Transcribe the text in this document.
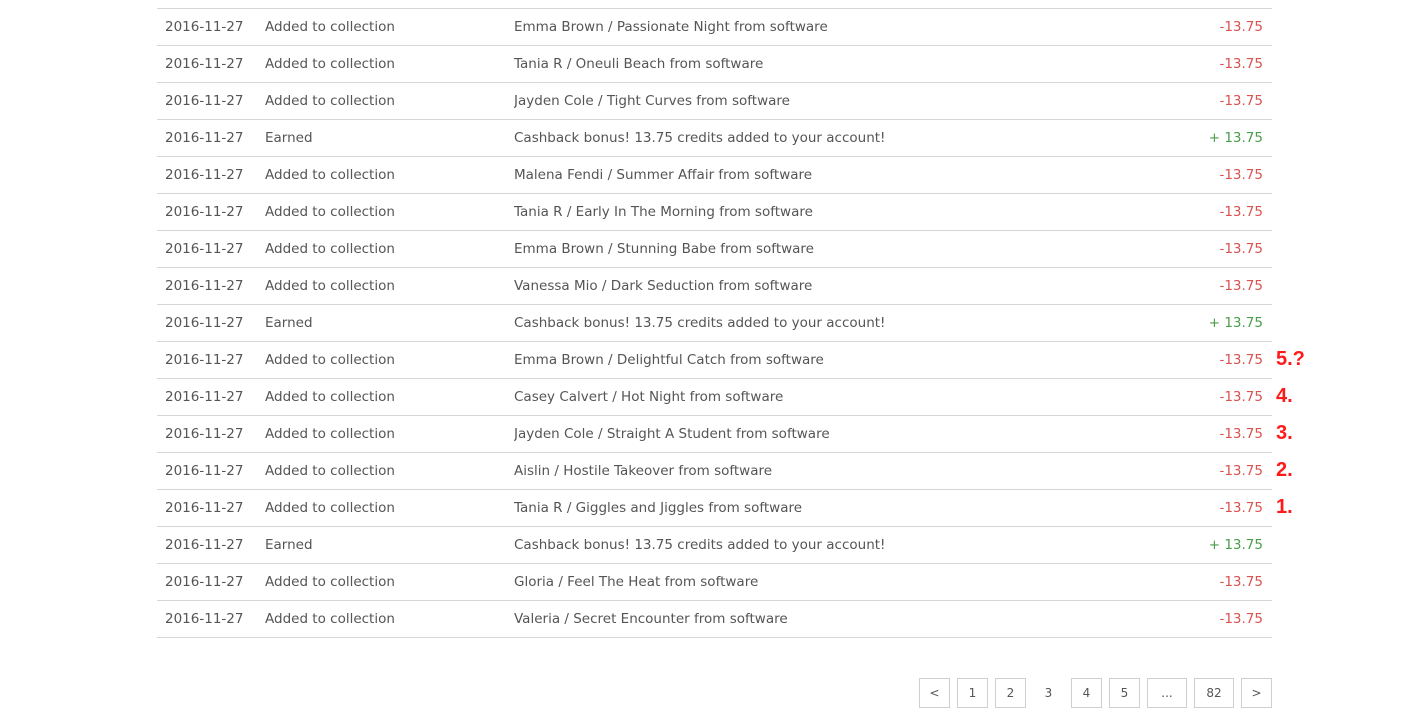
2016-11-27	Added to collection	Emma Brown / Passionate Night from software	-13.75
2016-11-27	Added to collection	Tania R / Oneuli Beach from software	-13.75
2016-11-27	Added to collection	Jayden Cole / Tight Curves from software	-13.75
2016-11-27	Earned	Cashback bonus! 13.75 credits added to your account!	+ 13.75
2016-11-27	Added to collection	Malena Fendi / Summer Affair from software	-13.75
2016-11-27	Added to collection	Tania R / Early In The Morning from software	-13.75
2016-11-27	Added to collection	Emma Brown / Stunning Babe from software	-13.75
2016-11-27	Added to collection	Vanessa Mio / Dark Seduction from software	-13.75
2016-11-27	Earned	Cashback bonus! 13.75 credits added to your account!	+ 13.75
2016-11-27	Added to collection	Emma Brown / Delightful Catch from software	-13.75
2016-11-27	Added to collection	Casey Calvert / Hot Night from software	-13.75
2016-11-27	Added to collection	Jayden Cole / Straight A Student from software	-13.75
2016-11-27	Added to collection	Aislin / Hostile Takeover from software	-13.75
2016-11-27	Added to collection	Tania R / Giggles and Jiggles from software	-13.75
2016-11-27	Earned	Cashback bonus! 13.75 credits added to your account!	+ 13.75
2016-11-27	Added to collection	Gloria / Feel The Heat from software	-13.75
2016-11-27	Added to collection	Valeria / Secret Encounter from software	-13.75
5.?
4.
3.
2.
1.
<	1	2	3	4	5	...	82	>
